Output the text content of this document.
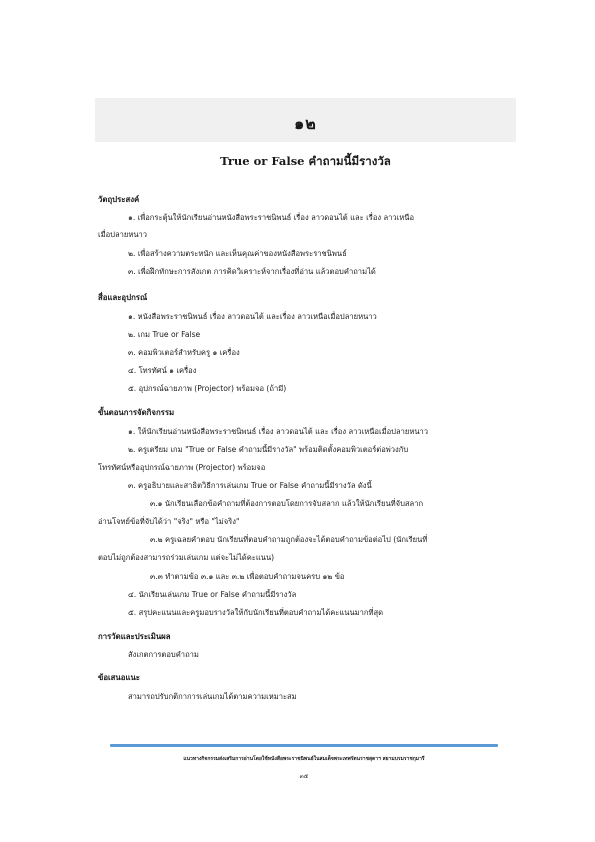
๑๒
True or False คำถามนี้มีรางวัล
วัตถุประสงค์
๑. เพื่อกระตุ้นให้นักเรียนอ่านหนังสือพระราชนิพนธ์ เรื่อง ลาวดอนไต้ และ เรื่อง ลาวเหนือ
เมื่อปลายหนาว
๒. เพื่อสร้างความตระหนัก และเห็นคุณค่าของหนังสือพระราชนิพนธ์
๓. เพื่อฝึกทักษะการสังเกต การคิดวิเคราะห์จากเรื่องที่อ่าน แล้วตอบคำถามได้
สื่อและอุปกรณ์
๑. หนังสือพระราชนิพนธ์ เรื่อง ลาวดอนไต้ และเรื่อง ลาวเหนือเมื่อปลายหนาว
๒. เกม True or False
๓. คอมพิวเตอร์สำหรับครู ๑ เครื่อง
๔. โทรทัศน์ ๑ เครื่อง
๕. อุปกรณ์ฉายภาพ (Projector) พร้อมจอ (ถ้ามี)
ขั้นตอนการจัดกิจกรรม
๑. ให้นักเรียนอ่านหนังสือพระราชนิพนธ์ เรื่อง ลาวดอนไต้ และ เรื่อง ลาวเหนือเมื่อปลายหนาว
๒. ครูเตรียม เกม "True or False คำถามนี้มีรางวัล" พร้อมติดตั้งคอมพิวเตอร์ต่อพ่วงกับ
โทรทัศน์หรืออุปกรณ์ฉายภาพ (Projector) พร้อมจอ
๓. ครูอธิบายและสาธิตวิธีการเล่นเกม True or False คำถามนี้มีรางวัล ดังนี้
๓.๑ นักเรียนเลือกข้อคำถามที่ต้องการตอบโดยการจับสลาก แล้วให้นักเรียนที่จับสลาก
อ่านโจทย์ข้อที่จับได้ว่า "จริง" หรือ "ไม่จริง"
๓.๒ ครูเฉลยคำตอบ นักเรียนที่ตอบคำถามถูกต้องจะได้ตอบคำถามข้อต่อไป (นักเรียนที่
ตอบไม่ถูกต้องสามารถร่วมเล่นเกม แต่จะไม่ได้คะแนน)
๓.๓ ทำตามข้อ ๓.๑ และ ๓.๒ เพื่อตอบคำถามจนครบ ๑๒ ข้อ
๔. นักเรียนเล่นเกม True or False คำถามนี้มีรางวัล
๕. สรุปคะแนนและครูมอบรางวัลให้กับนักเรียนที่ตอบคำถามได้คะแนนมากที่สุด
การวัดและประเมินผล
สังเกตการตอบคำถาม
ข้อเสนอแนะ
สามารถปรับกติกาการเล่นเกมได้ตามความเหมาะสม
แนวทางกิจกรรมส่งเสริมการอ่านโดยใช้หนังสือพระราชนิพนธ์ในสมเด็จพระเทพรัตนราชสุดาฯ สยามบรมราชกุมารี
๓๕
